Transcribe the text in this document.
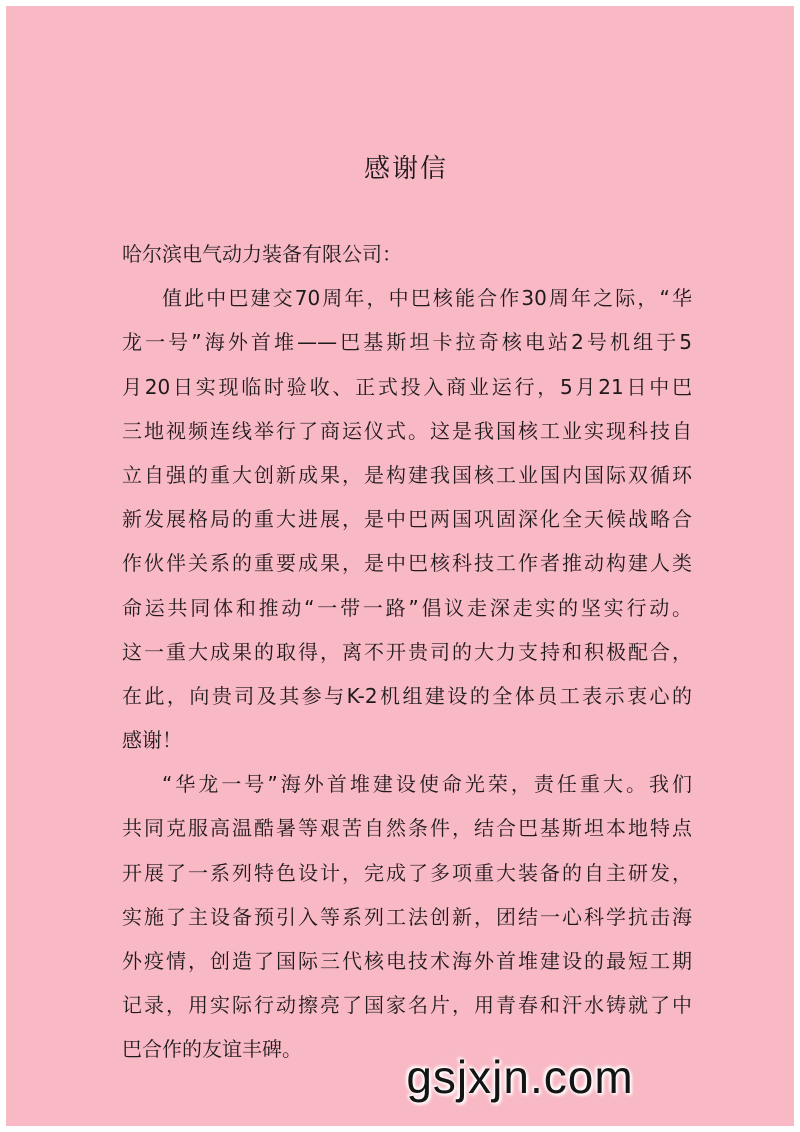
感谢信
哈尔滨电气动力装备有限公司：
值此中巴建交70周年，中巴核能合作30周年之际，“华
龙一号”海外首堆——巴基斯坦卡拉奇核电站2号机组于5
月20日实现临时验收、正式投入商业运行，5月21日中巴
三地视频连线举行了商运仪式。这是我国核工业实现科技自
立自强的重大创新成果，是构建我国核工业国内国际双循环
新发展格局的重大进展，是中巴两国巩固深化全天候战略合
作伙伴关系的重要成果，是中巴核科技工作者推动构建人类
命运共同体和推动“一带一路”倡议走深走实的坚实行动。
这一重大成果的取得，离不开贵司的大力支持和积极配合，
在此，向贵司及其参与K-2机组建设的全体员工表示衷心的
感谢！
“华龙一号”海外首堆建设使命光荣，责任重大。我们
共同克服高温酷暑等艰苦自然条件，结合巴基斯坦本地特点
开展了一系列特色设计，完成了多项重大装备的自主研发，
实施了主设备预引入等系列工法创新，团结一心科学抗击海
外疫情，创造了国际三代核电技术海外首堆建设的最短工期
记录，用实际行动擦亮了国家名片，用青春和汗水铸就了中
巴合作的友谊丰碑。
gsjxjn.com
